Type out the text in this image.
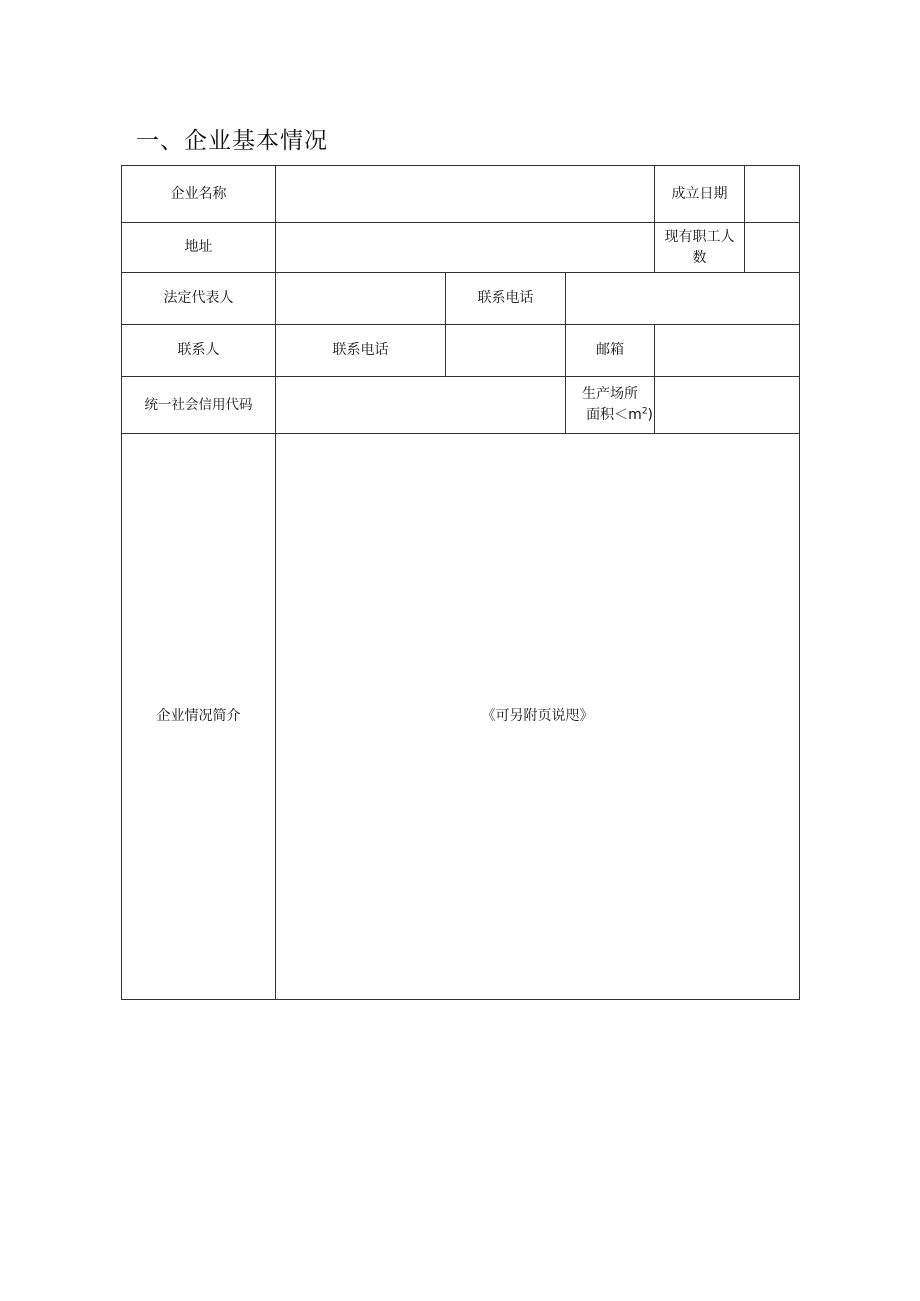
一、企业基本情况
企业名称				成立日期

地址				现有职工人
数

法定代表人		联系电话		
联系人	联系电话		邮箱	
统一社会信用代码			生产场所
面积$<m^2$)	

企业情况简介	《可另附页说咫》			
